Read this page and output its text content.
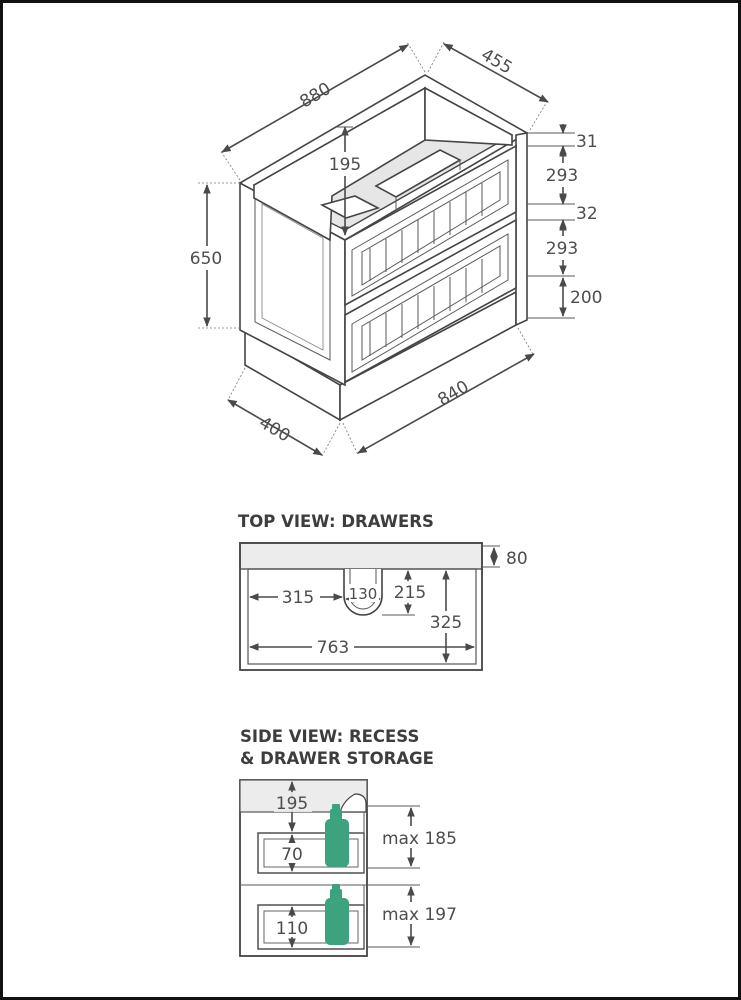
880
455
195
650
31
293
32
293
200
400
840
TOP VIEW: DRAWERS
80
315 130 215
325
763
SIDE VIEW: RECESS
& DRAWER STORAGE
195
70
110
max 185
max 197
